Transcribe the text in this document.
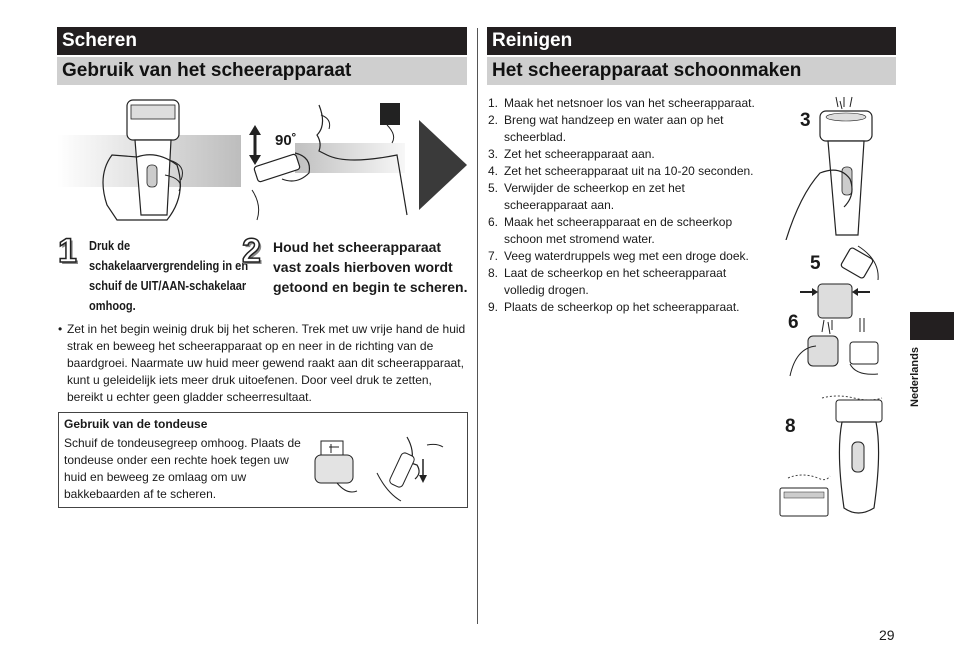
Scheren
Gebruik van het scheerapparaat
90˚
1 Druk de schakelaarvergrendeling in en schuif de UIT/AAN-schakelaar omhoog.
2 Houd het scheerapparaat vast zoals hierboven wordt getoond en begin te scheren.
• Zet in het begin weinig druk bij het scheren. Trek met uw vrije hand de huid strak en beweeg het scheerapparaat op en neer in de richting van de baardgroei. Naarmate uw huid meer gewend raakt aan dit scheerapparaat, kunt u geleidelijk iets meer druk uitoefenen. Door veel druk te zetten, bereikt u echter geen gladder scheerresultaat.
Gebruik van de tondeuse
Schuif de tondeusegreep omhoog. Plaats de tondeuse onder een rechte hoek tegen uw huid en beweeg ze omlaag om uw bakkebaarden af te scheren.
Reinigen
Het scheerapparaat schoonmaken
1. Maak het netsnoer los van het scheerapparaat.
2. Breng wat handzeep en water aan op het scheerblad.
3. Zet het scheerapparaat aan.
4. Zet het scheerapparaat uit na 10-20 seconden.
5. Verwijder de scheerkop en zet het scheerapparaat aan.
6. Maak het scheerapparaat en de scheerkop schoon met stromend water.
7. Veeg waterdruppels weg met een droge doek.
8. Laat de scheerkop en het scheerapparaat volledig drogen.
9. Plaats de scheerkop op het scheerapparaat.
3
5
6
8
Nederlands
29
